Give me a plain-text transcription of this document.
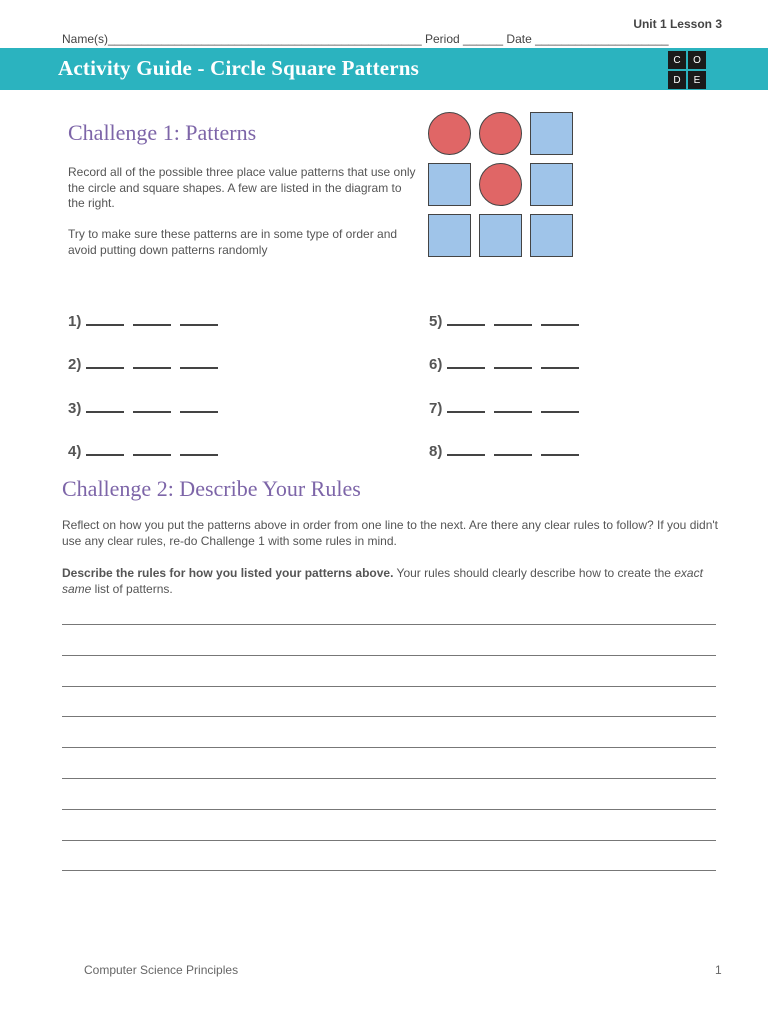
Unit 1 Lesson 3
Name(s)_______________________________________________ Period ______ Date ____________________
Activity Guide - Circle Square Patterns	C	O
D	E
Challenge 1: Patterns
Record all of the possible three place value patterns that use only the circle and square shapes. A few are listed in the diagram to the right.
Try to make sure these patterns are in some type of order and avoid putting down patterns randomly
1)
2)
3)
4)
5)
6)
7)
8)
Challenge 2: Describe Your Rules
Reflect on how you put the patterns above in order from one line to the next. Are there any clear rules to follow? If you didn't use any clear rules, re-do Challenge 1 with some rules in mind.
Describe the rules for how you listed your patterns above. Your rules should clearly describe how to create the exact same list of patterns.
Computer Science Principles	1
